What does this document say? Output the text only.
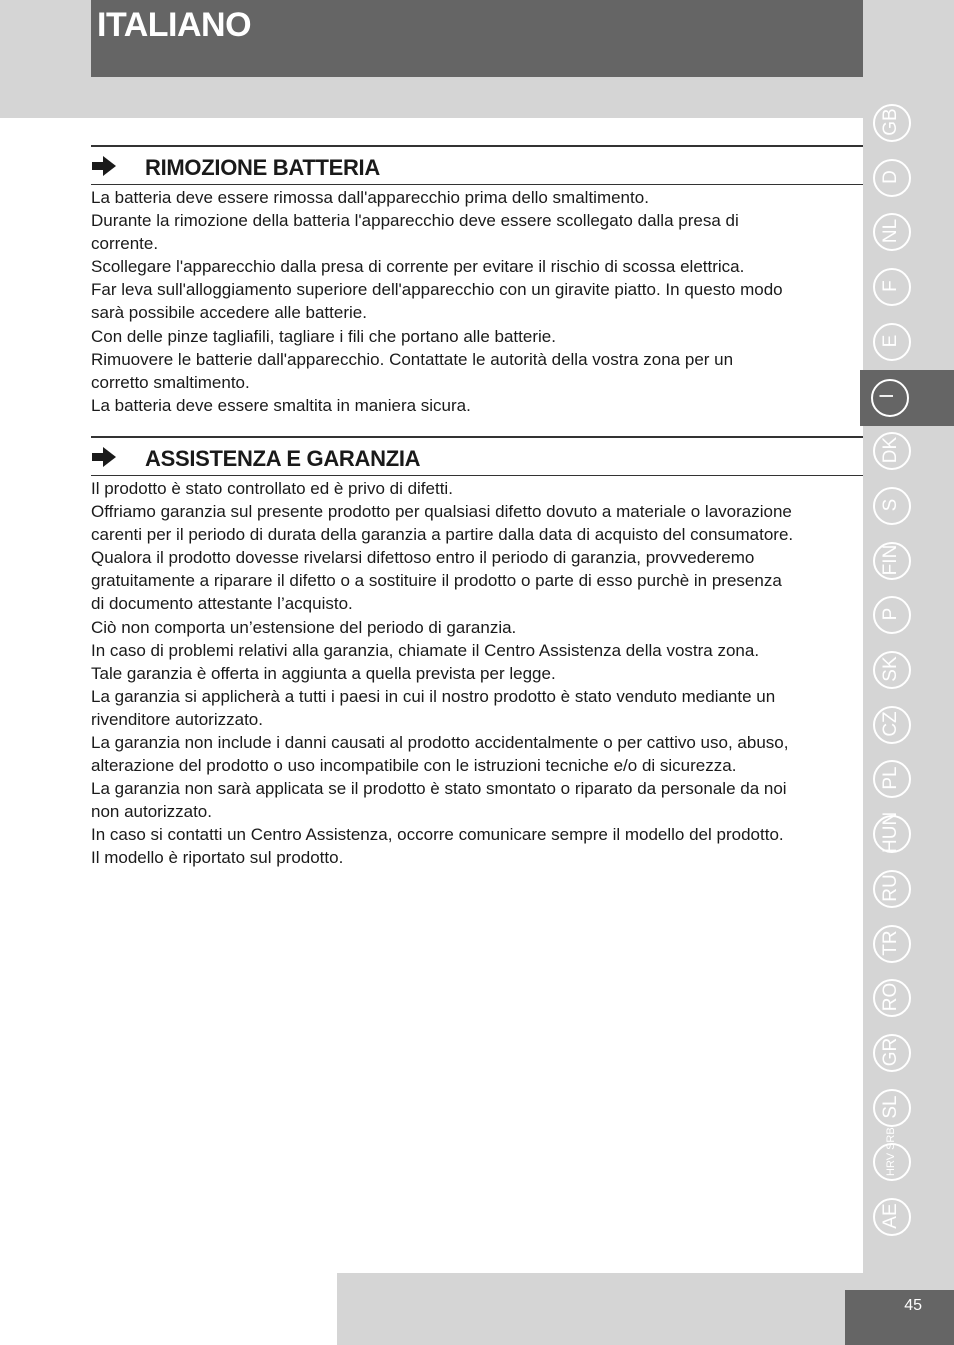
ITALIANO
GB
D
NL
F
E
I
DK
S
FIN
P
SK
CZ
PL
HUN
RU
TR
RO
GR
SL
HRV SRB
AE
RIMOZIONE BATTERIA

La batteria deve essere rimossa dall'apparecchio prima dello smaltimento.

Durante la rimozione della batteria l'apparecchio deve essere scollegato dalla presa di

corrente.

Scollegare l'apparecchio dalla presa di corrente per evitare il rischio di scossa elettrica.

Far leva sull'alloggiamento superiore dell'apparecchio con un giravite piatto. In questo modo

sarà possibile accedere alle batterie.

Con delle pinze tagliafili, tagliare i fili che portano alle batterie.

Rimuovere le batterie dall'apparecchio. Contattate le autorità della vostra zona per un

corretto smaltimento.

La batteria deve essere smaltita in maniera sicura.

ASSISTENZA E GARANZIA

Il prodotto è stato controllato ed è privo di difetti.

Offriamo garanzia sul presente prodotto per qualsiasi difetto dovuto a materiale o lavorazione

carenti per il periodo di durata della garanzia a partire dalla data di acquisto del consumatore.

Qualora il prodotto dovesse rivelarsi difettoso entro il periodo di garanzia, provvederemo

gratuitamente a riparare il difetto o a sostituire il prodotto o parte di esso purchè in presenza

di documento attestante l’acquisto.

Ciò non comporta un’estensione del periodo di garanzia.

In caso di problemi relativi alla garanzia, chiamate il Centro Assistenza della vostra zona.

Tale garanzia è offerta in aggiunta a quella prevista per legge.

La garanzia si applicherà a tutti i paesi in cui il nostro prodotto è stato venduto mediante un

rivenditore autorizzato.

La garanzia non include i danni causati al prodotto accidentalmente o per cattivo uso, abuso,

alterazione del prodotto o uso incompatibile con le istruzioni tecniche e/o di sicurezza.

La garanzia non sarà applicata se il prodotto è stato smontato o riparato da personale da noi

non autorizzato.

In caso si contatti un Centro Assistenza, occorre comunicare sempre il modello del prodotto.

Il modello è riportato sul prodotto.

45
